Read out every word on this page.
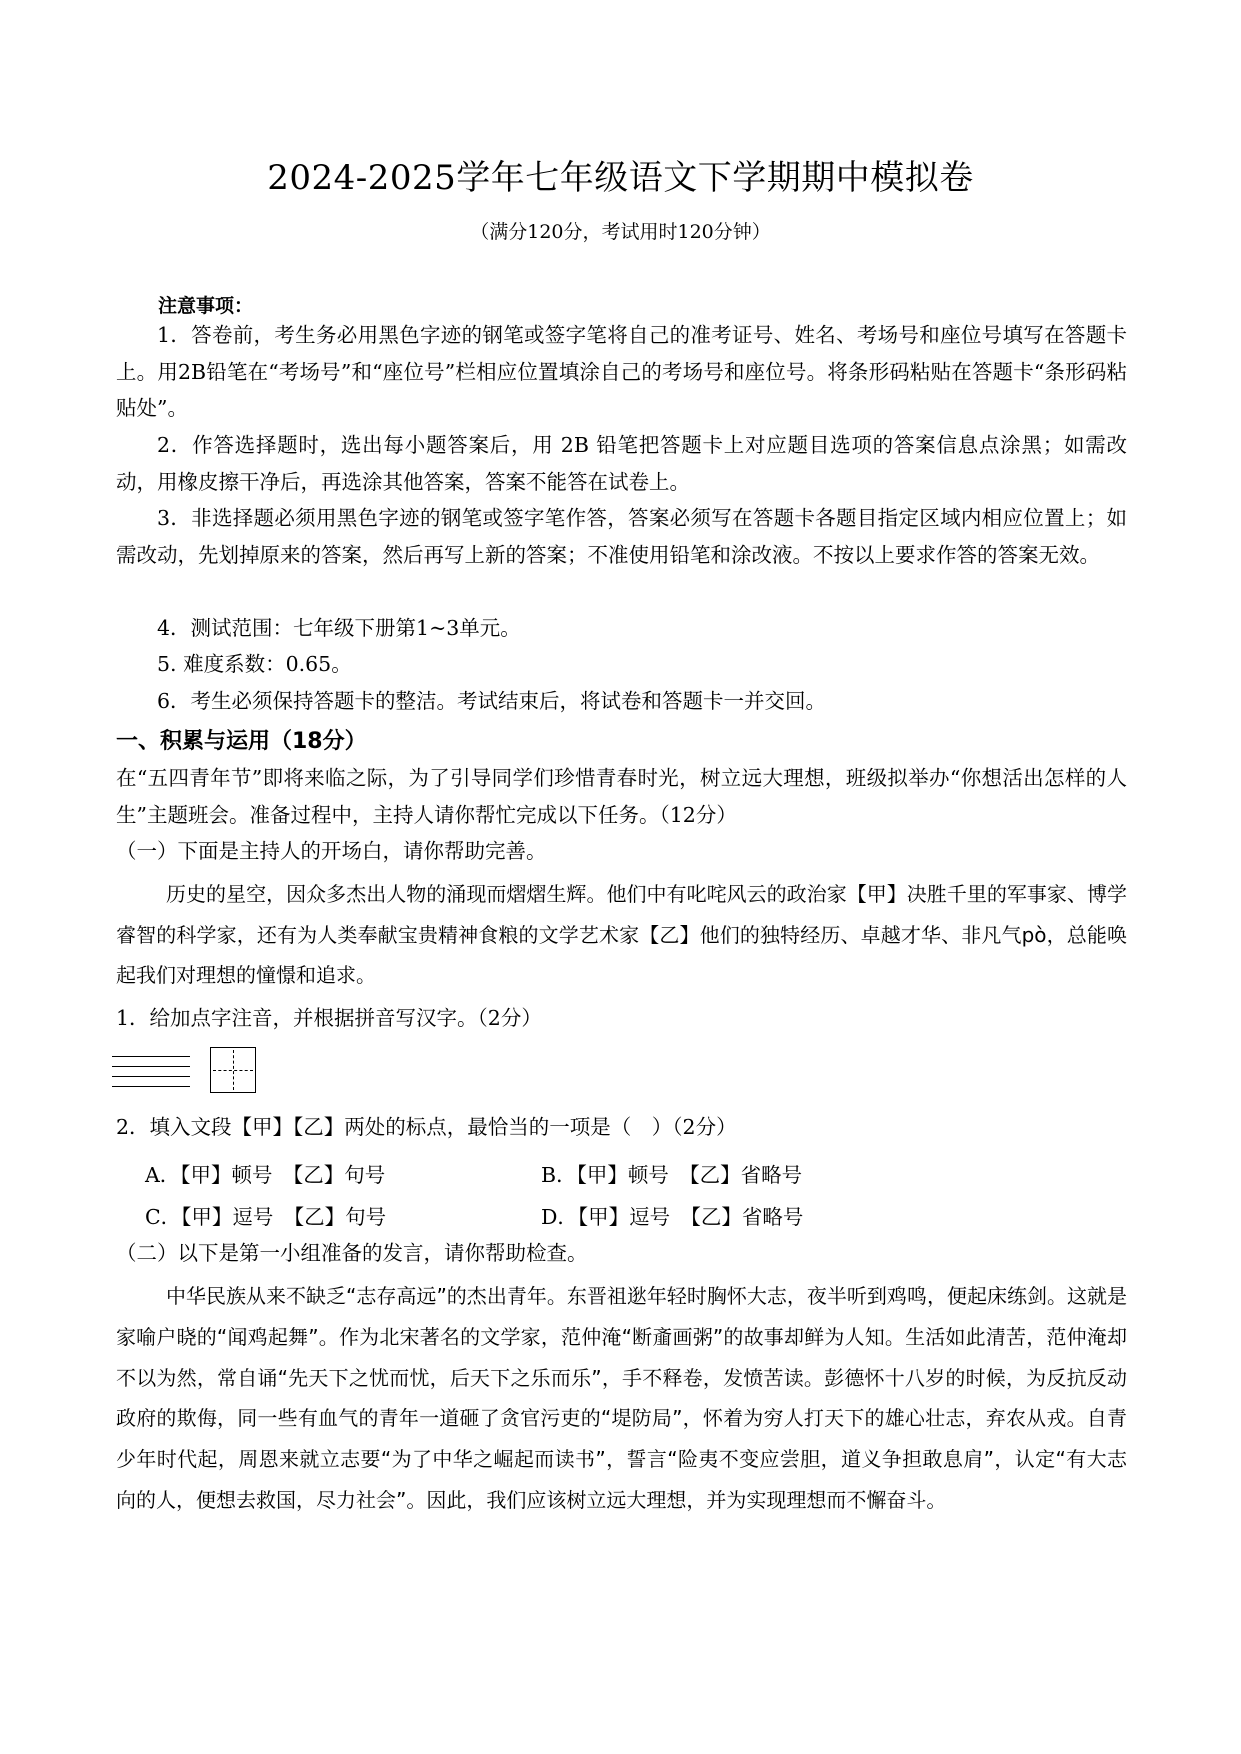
2024-2025学年七年级语文下学期期中模拟卷
（满分120分，考试用时120分钟）
注意事项：

1．答卷前，考生务必用黑色字迹的钢笔或签字笔将自己的准考证号、姓名、考场号和座位号填写在答题卡上。用2B铅笔在“考场号”和“座位号”栏相应位置填涂自己的考场号和座位号。将条形码粘贴在答题卡“条形码粘贴处”。

2．作答选择题时，选出每小题答案后，用 2B 铅笔把答题卡上对应题目选项的答案信息点涂黑；如需改动，用橡皮擦干净后，再选涂其他答案，答案不能答在试卷上。

3．非选择题必须用黑色字迹的钢笔或签字笔作答，答案必须写在答题卡各题目指定区域内相应位置上；如需改动，先划掉原来的答案，然后再写上新的答案；不准使用铅笔和涂改液。不按以上要求作答的答案无效。

4．测试范围：七年级下册第1~3单元。
5. 难度系数：0.65。
6．考生必须保持答题卡的整洁。考试结束后，将试卷和答题卡一并交回。
一、积累与运用（18分）

在“五四青年节”即将来临之际，为了引导同学们珍惜青春时光，树立远大理想，班级拟举办“你想活出怎样的人生”主题班会。准备过程中，主持人请你帮忙完成以下任务。（12分）

（一）下面是主持人的开场白，请你帮助完善。

历史的星空，因众多杰出人物的涌现而熠熠生辉。他们中有叱咤风云的政治家【甲】决胜千里的军事家、博学睿智的科学家，还有为人类奉献宝贵精神食粮的文学艺术家【乙】他们的独特经历、卓越才华、非凡气pò，总能唤起我们对理想的憧憬和追求。

1．给加点字注音，并根据拼音写汉字。（2分）
2．填入文段【甲】【乙】两处的标点，最恰当的一项是（　）（2分）
A．【甲】顿号　【乙】句号	B．【甲】顿号　【乙】省略号
C．【甲】逗号　【乙】句号	D．【甲】逗号　【乙】省略号
（二）以下是第一小组准备的发言，请你帮助检查。

中华民族从来不缺乏“志存高远”的杰出青年。东晋祖逖年轻时胸怀大志，夜半听到鸡鸣，便起床练剑。这就是家喻户晓的“闻鸡起舞”。作为北宋著名的文学家，范仲淹“断齑画粥”的故事却鲜为人知。生活如此清苦，范仲淹却不以为然，常自诵“先天下之忧而忧，后天下之乐而乐”，手不释卷，发愤苦读。彭德怀十八岁的时候，为反抗反动政府的欺侮，同一些有血气的青年一道砸了贪官污吏的“堤防局”，怀着为穷人打天下的雄心壮志，弃农从戎。自青少年时代起，周恩来就立志要“为了中华之崛起而读书”，誓言“险夷不变应尝胆，道义争担敢息肩”，认定“有大志向的人，便想去救国，尽力社会”。因此，我们应该树立远大理想，并为实现理想而不懈奋斗。
